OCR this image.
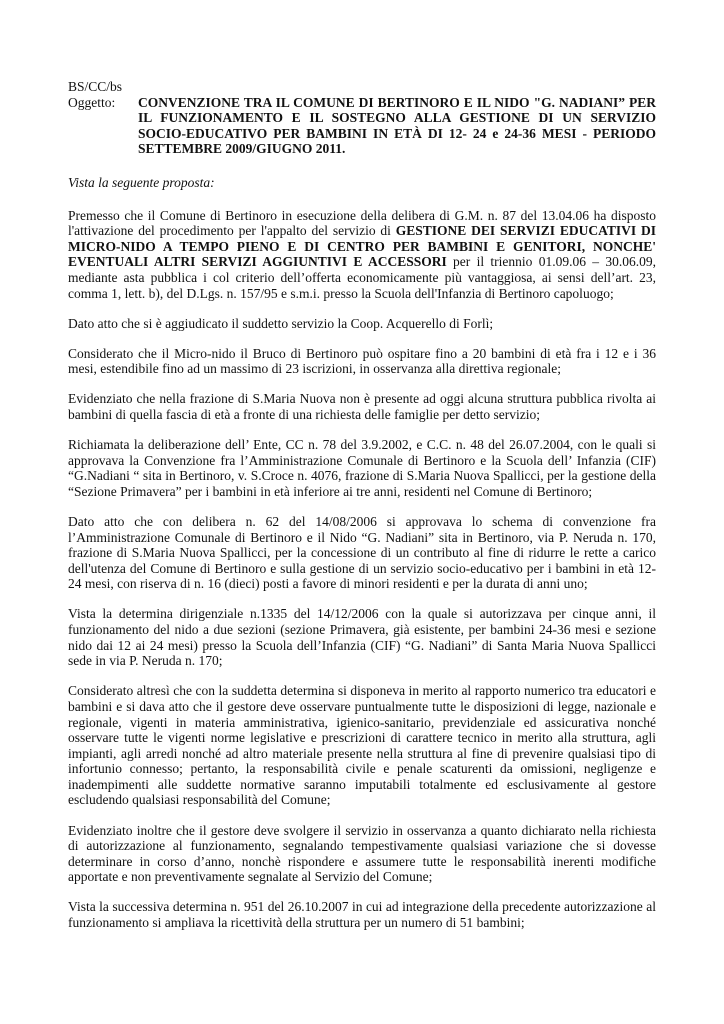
BS/CC/bs

Oggetto:	CONVENZIONE TRA IL COMUNE DI BERTINORO E IL NIDO "G. NADIANI” PER IL FUNZIONAMENTO E IL SOSTEGNO ALLA GESTIONE DI UN SERVIZIO SOCIO-EDUCATIVO PER BAMBINI IN ETÀ DI 12- 24 e 24-36 MESI - PERIODO SETTEMBRE 2009/GIUGNO 2011.

Vista la seguente proposta:

Premesso che il Comune di Bertinoro in esecuzione della delibera di G.M. n. 87 del 13.04.06 ha disposto l'attivazione del procedimento per l'appalto del servizio di GESTIONE DEI SERVIZI EDUCATIVI DI MICRO-NIDO A TEMPO PIENO E DI CENTRO PER BAMBINI E GENITORI, NONCHE' EVENTUALI ALTRI SERVIZI AGGIUNTIVI E ACCESSORI per il triennio 01.09.06 – 30.06.09, mediante asta pubblica i col criterio dell’offerta economicamente più vantaggiosa, ai sensi dell’art. 23, comma 1, lett. b), del D.Lgs. n. 157/95 e s.m.i. presso la Scuola dell'Infanzia di Bertinoro capoluogo;

Dato atto che si è aggiudicato il suddetto servizio la Coop. Acquerello di Forlì;

Considerato che il Micro-nido il Bruco di Bertinoro può ospitare fino a 20 bambini di età fra i 12 e i 36 mesi, estendibile fino ad un massimo di 23 iscrizioni, in osservanza alla direttiva regionale;

Evidenziato che nella frazione di S.Maria Nuova non è presente ad oggi alcuna struttura pubblica rivolta ai bambini di quella fascia di età a fronte di una richiesta delle famiglie per detto servizio;

Richiamata la deliberazione dell’ Ente, CC n. 78 del 3.9.2002, e C.C. n. 48 del 26.07.2004, con le quali si approvava la Convenzione fra l’Amministrazione Comunale di Bertinoro e la Scuola dell’ Infanzia (CIF) “G.Nadiani “ sita in Bertinoro, v. S.Croce n. 4076, frazione di S.Maria Nuova Spallicci, per la gestione della “Sezione Primavera” per i bambini in età inferiore ai tre anni, residenti nel Comune di Bertinoro;

Dato atto che con delibera n. 62 del 14/08/2006 si approvava lo schema di convenzione fra l’Amministrazione Comunale di Bertinoro e il Nido “G. Nadiani” sita in Bertinoro, via P. Neruda n. 170, frazione di S.Maria Nuova Spallicci, per la concessione di un contributo al fine di ridurre le rette a carico dell'utenza del Comune di Bertinoro e sulla gestione di un servizio socio-educativo per i bambini in età 12-24 mesi, con riserva di n. 16 (dieci) posti a favore di minori residenti e per la durata di anni uno;

Vista la determina dirigenziale n.1335 del 14/12/2006 con la quale si autorizzava per cinque anni, il funzionamento del nido a due sezioni (sezione Primavera, già esistente, per bambini 24-36 mesi e sezione nido dai 12 ai 24 mesi) presso la Scuola dell’Infanzia (CIF) “G. Nadiani” di Santa Maria Nuova Spallicci sede in via P. Neruda n. 170;

Considerato altresì che con la suddetta determina si disponeva in merito al rapporto numerico tra educatori e bambini e si dava atto che il gestore deve osservare puntualmente tutte le disposizioni di legge, nazionale e regionale, vigenti in materia amministrativa, igienico-sanitario, previdenziale ed assicurativa nonché osservare tutte le vigenti norme legislative e prescrizioni di carattere tecnico in merito alla struttura, agli impianti, agli arredi nonché ad altro materiale presente nella struttura al fine di prevenire qualsiasi tipo di infortunio connesso; pertanto, la responsabilità civile e penale scaturenti da omissioni, negligenze e inadempimenti alle suddette normative saranno imputabili totalmente ed esclusivamente al gestore escludendo qualsiasi responsabilità del Comune;

Evidenziato inoltre che il gestore deve svolgere il servizio in osservanza a quanto dichiarato nella richiesta di autorizzazione al funzionamento, segnalando tempestivamente qualsiasi variazione che si dovesse determinare in corso d’anno, nonchè rispondere e assumere tutte le responsabilità inerenti modifiche apportate e non preventivamente segnalate al Servizio del Comune;

Vista la successiva determina n. 951 del 26.10.2007 in cui ad integrazione della precedente autorizzazione al funzionamento si ampliava la ricettività della struttura per un numero di 51 bambini;
